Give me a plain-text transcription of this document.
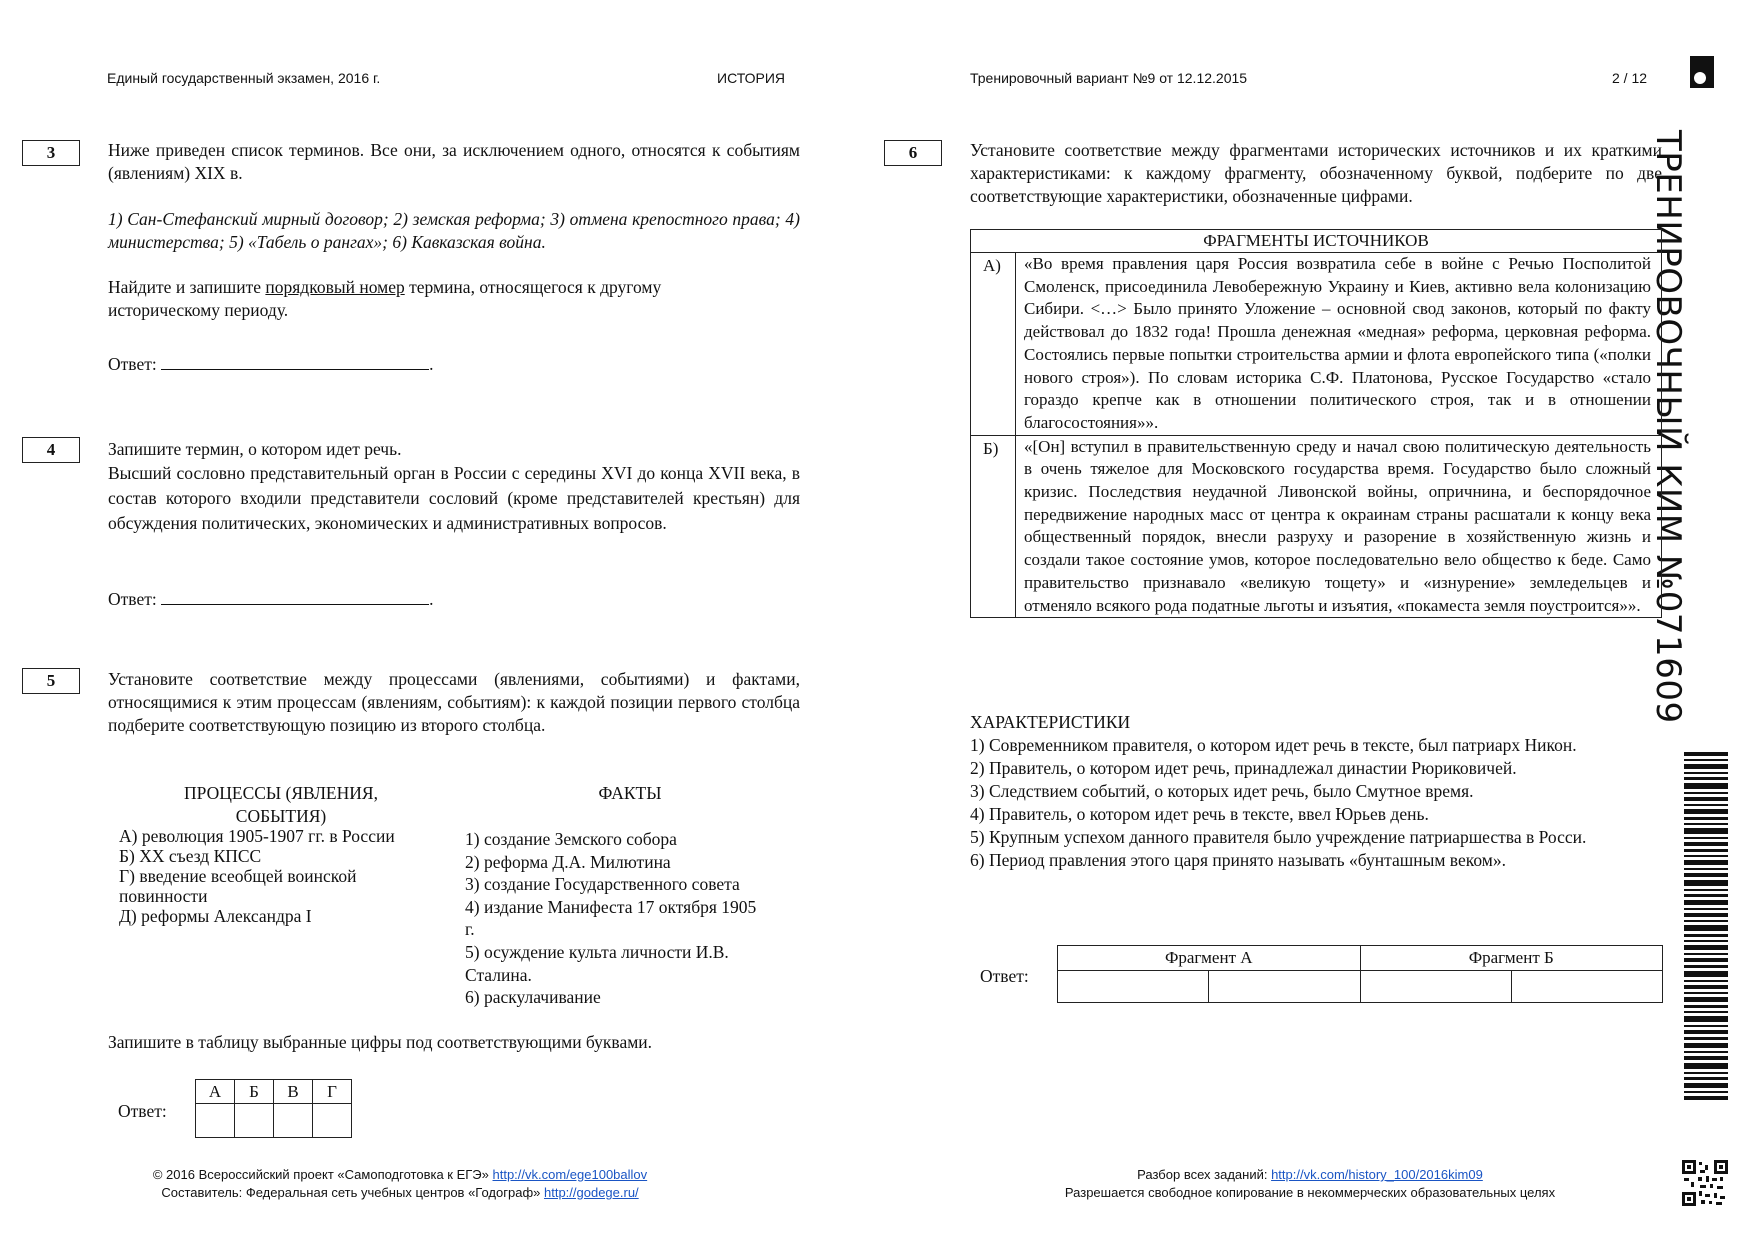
Единый государственный экзамен, 2016 г.	ИСТОРИЯ	Тренировочный вариант №9 от 12.12.2015	2 / 12
ТРЕНИРОВОЧНЫЙ КИМ №071609
3	Ниже приведен список терминов. Все они, за исключением одного, относятся к событиям (явлениям) XIX в.
1) Сан-Стефанский мирный договор; 2) земская реформа; 3) отмена крепостного права; 4) министерства; 5) «Табель о рангах»; 6) Кавказская война.
Найдите и запишите порядковый номер термина, относящегося к другому историческому периоду.
Ответ:	.
4	Запишите термин, о котором идет речь.
Высший сословно представительный орган в России с середины XVI до конца XVII века, в состав которого входили представители сословий (кроме представителей крестьян) для обсуждения политических, экономических и административных вопросов.
Ответ:	.
5	Установите соответствие между процессами (явлениями, событиями) и фактами, относящимися к этим процессам (явлениям, событиям): к каждой позиции первого столбца подберите соответствующую позицию из второго столбца.
ПРОЦЕССЫ (ЯВЛЕНИЯ, СОБЫТИЯ)
ФАКТЫ
А) революция 1905-1907 гг. в России
Б) XX съезд КПСС
Г) введение всеобщей воинской повинности
Д) реформы Александра I
1) создание Земского собора
2) реформа Д.А. Милютина
3) создание Государственного совета
4) издание Манифеста 17 октября 1905 г.
5) осуждение культа личности И.В. Сталина.
6) раскулачивание
Запишите в таблицу выбранные цифры под соответствующими буквами.
Ответ:
А	Б	В	Г

6	Установите соответствие между фрагментами исторических источников и их краткими характеристиками: к каждому фрагменту, обозначенному буквой, подберите по две соответствующие характеристики, обозначенные цифрами.
ФРАГМЕНТЫ ИСТОЧНИКОВ	
А)	«Во время правления царя Россия возвратила себе в войне с Речью Посполитой Смоленск, присоединила Левобережную Украину и Киев, активно вела колонизацию Сибири. <…> Было принято Уложение – основной свод законов, который по факту действовал до 1832 года! Прошла денежная «медная» реформа, церковная реформа. Состоялись первые попытки строительства армии и флота европейского типа («полки нового строя»). По словам историка С.Ф. Платонова, Русское Государство «стало гораздо крепче как в отношении политического строя, так и в отношении благосостояния»».
Б)	«[Он] вступил в правительственную среду и начал свою политическую деятельность в очень тяжелое для Московского государства время. Государство было сложный кризис. Последствия неудачной Ливонской войны, опричнина, и беспорядочное передвижение народных масс от центра к окраинам страны расшатали к концу века общественный порядок, внесли разруху и разорение в хозяйственную жизнь и создали такое состояние умов, которое последовательно вело общество к беде. Само правительство признавало «великую тощету» и «изнурение» земледельцев и отменяло всякого рода податные льготы и изъятия, «покаместа земля поустроится»».
ХАРАКТЕРИСТИКИ
1) Современником правителя, о котором идет речь в тексте, был патриарх Никон.
2) Правитель, о котором идет речь, принадлежал династии Рюриковичей.
3) Следствием событий, о которых идет речь, было Смутное время.
4) Правитель, о котором идет речь в тексте, ввел Юрьев день.
5) Крупным успехом данного правителя было учреждение патриаршества в Росси.
6) Период правления этого царя принято называть «бунташным веком».
Ответ:
Фрагмент А		Фрагмент Б	

© 2016 Всероссийский проект «Самоподготовка к ЕГЭ» http://vk.com/ege100ballov
Составитель: Федеральная сеть учебных центров «Годограф» http://godege.ru/
Разбор всех заданий: http://vk.com/history_100/2016kim09
Разрешается свободное копирование в некоммерческих образовательных целях
